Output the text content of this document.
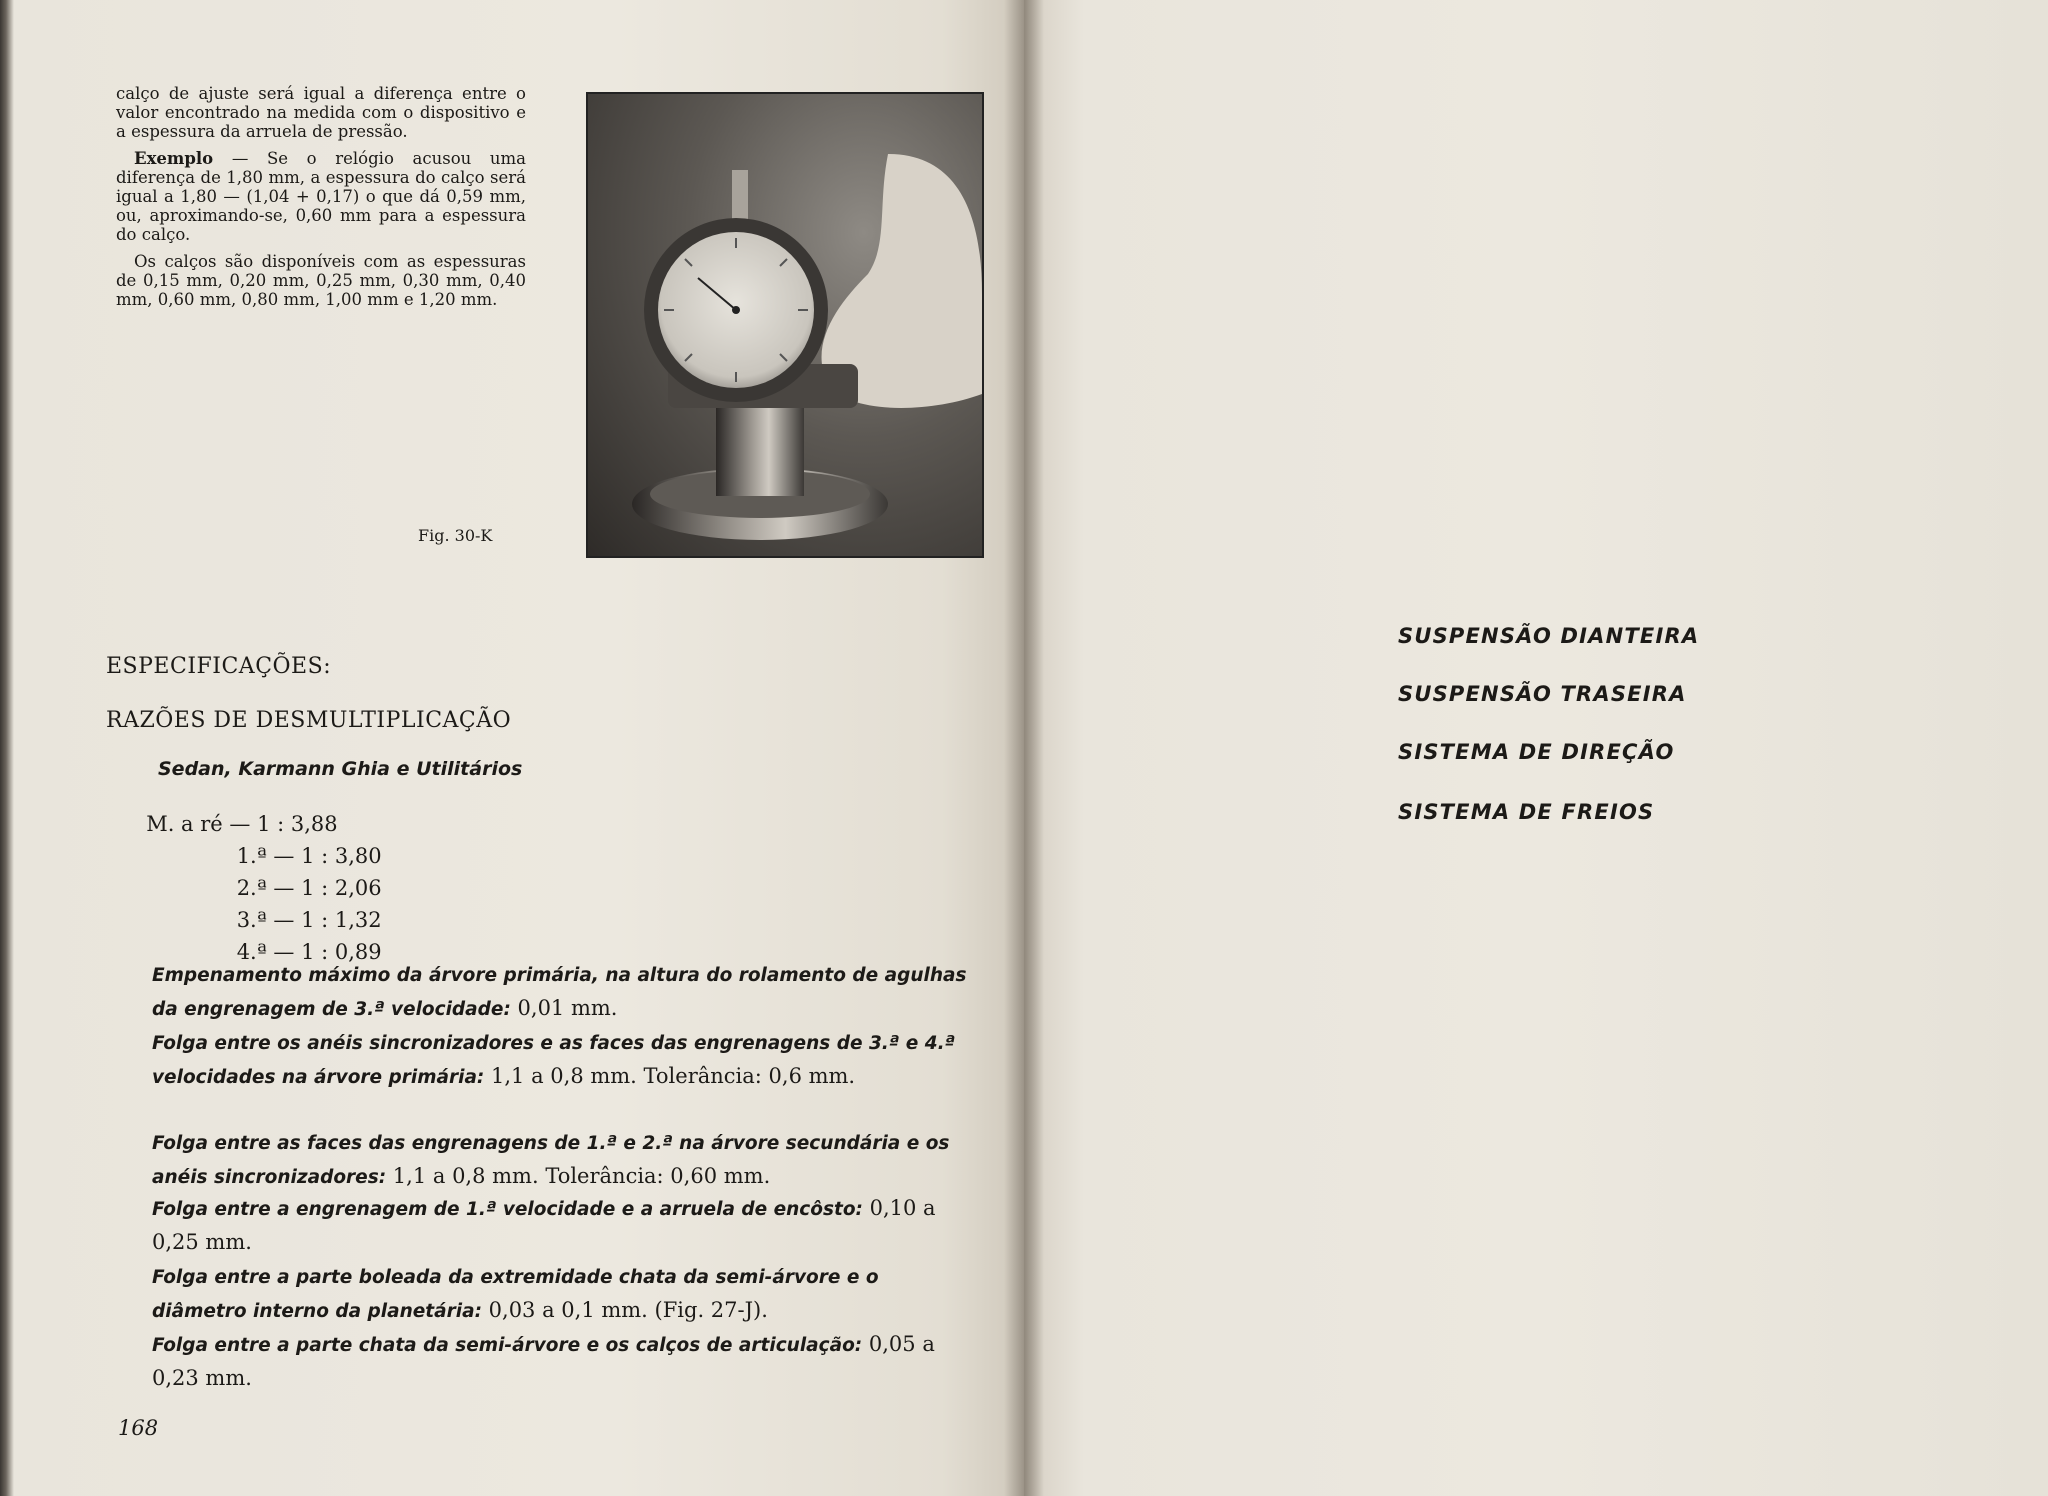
calço de ajuste será igual a diferença entre o valor encontrado na medida com o dispositivo e a espessura da arruela de pressão.

Exemplo — Se o relógio acusou uma diferença de 1,80 mm, a espessura do calço será igual a 1,80 — (1,04 + 0,17) o que dá 0,59 mm, ou, aproximando-se, 0,60 mm para a espessura do calço.

Os calços são disponíveis com as espessuras de 0,15 mm, 0,20 mm, 0,25 mm, 0,30 mm, 0,40 mm, 0,60 mm, 0,80 mm, 1,00 mm e 1,20 mm.

Fig. 30-K
ESPECIFICAÇÕES:
RAZÕES DE DESMULTIPLICAÇÃO
Sedan, Karmann Ghia e Utilitários

M. a ré — 1 : 3,88

1.ª — 1 : 3,80

2.ª — 1 : 2,06

3.ª — 1 : 1,32

4.ª — 1 : 0,89

Empenamento máximo da árvore primária, na altura do rolamento de agulhas da engrenagem de 3.ª velocidade: 0,01 mm.
Folga entre os anéis sincronizadores e as faces das engrenagens de 3.ª e 4.ª velocidades na árvore primária: 1,1 a 0,8 mm. Tolerância: 0,6 mm.
Folga entre as faces das engrenagens de 1.ª e 2.ª na árvore secundária e os anéis sincronizadores: 1,1 a 0,8 mm. Tolerância: 0,60 mm.
Folga entre a engrenagem de 1.ª velocidade e a arruela de encôsto: 0,10 a 0,25 mm.
Folga entre a parte boleada da extremidade chata da semi-árvore e o diâmetro interno da planetária: 0,03 a 0,1 mm. (Fig. 27-J).
Folga entre a parte chata da semi-árvore e os calços de articulação: 0,05 a 0,23 mm.
168
SUSPENSÃO DIANTEIRA
SUSPENSÃO TRASEIRA
SISTEMA DE DIREÇÃO
SISTEMA DE FREIOS
